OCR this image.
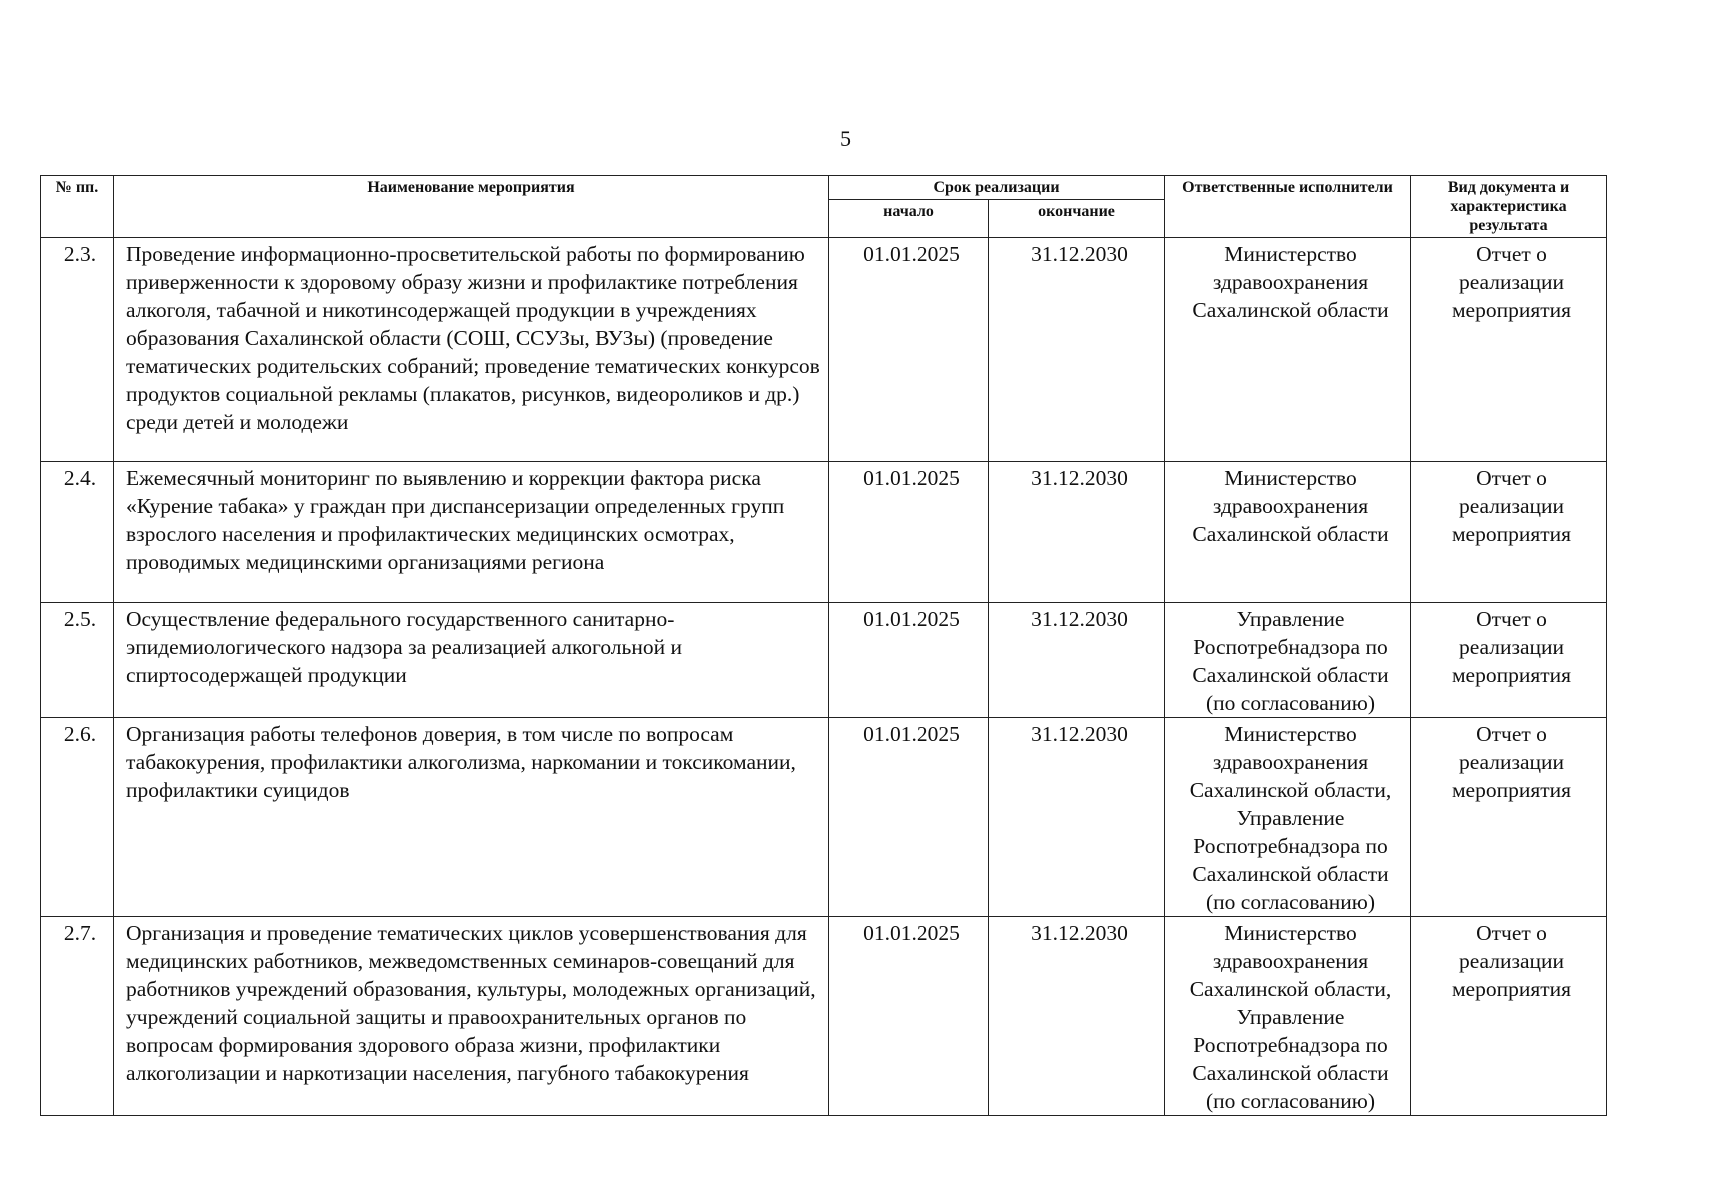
5
№ пп.	Наименование мероприятия	Срок реализации		Ответственные исполнители	Вид документа и характеристика результата
		начало	окончание		
2.3.	Проведение информационно-просветительской работы по формированию приверженности к здоровому образу жизни и профилактике потребления алкоголя, табачной и никотинсодержащей продукции в учреждениях образования Сахалинской области (СОШ, ССУЗы, ВУЗы) (проведение тематических родительских собраний; проведение тематических конкурсов продуктов социальной рекламы (плакатов, рисунков, видеороликов и др.) среди детей и молодежи	01.01.2025	31.12.2030	Министерство здравоохранения Сахалинской области	Отчет о реализации мероприятия
2.4.	Ежемесячный мониторинг по выявлению и коррекции фактора риска «Курение табака» у граждан при диспансеризации определенных групп взрослого населения и профилактических медицинских осмотрах, проводимых медицинскими организациями региона	01.01.2025	31.12.2030	Министерство здравоохранения Сахалинской области	Отчет о реализации мероприятия
2.5.	Осуществление федерального государственного санитарно-эпидемиологического надзора за реализацией алкогольной и спиртосодержащей продукции	01.01.2025	31.12.2030	Управление Роспотребнадзора по Сахалинской области (по согласованию)	Отчет о реализации мероприятия
2.6.	Организация работы телефонов доверия, в том числе по вопросам табакокурения, профилактики алкоголизма, наркомании и токсикомании, профилактики суицидов	01.01.2025	31.12.2030	Министерство здравоохранения Сахалинской области, Управление Роспотребнадзора по Сахалинской области (по согласованию)	Отчет о реализации мероприятия
2.7.	Организация и проведение тематических циклов усовершенствования для медицинских работников, межведомственных семинаров-совещаний для работников учреждений образования, культуры, молодежных организаций, учреждений социальной защиты и правоохранительных органов по вопросам формирования здорового образа жизни, профилактики алкоголизации и наркотизации населения, пагубного табакокурения	01.01.2025	31.12.2030	Министерство здравоохранения Сахалинской области, Управление Роспотребнадзора по Сахалинской области (по согласованию)	Отчет о реализации мероприятия
